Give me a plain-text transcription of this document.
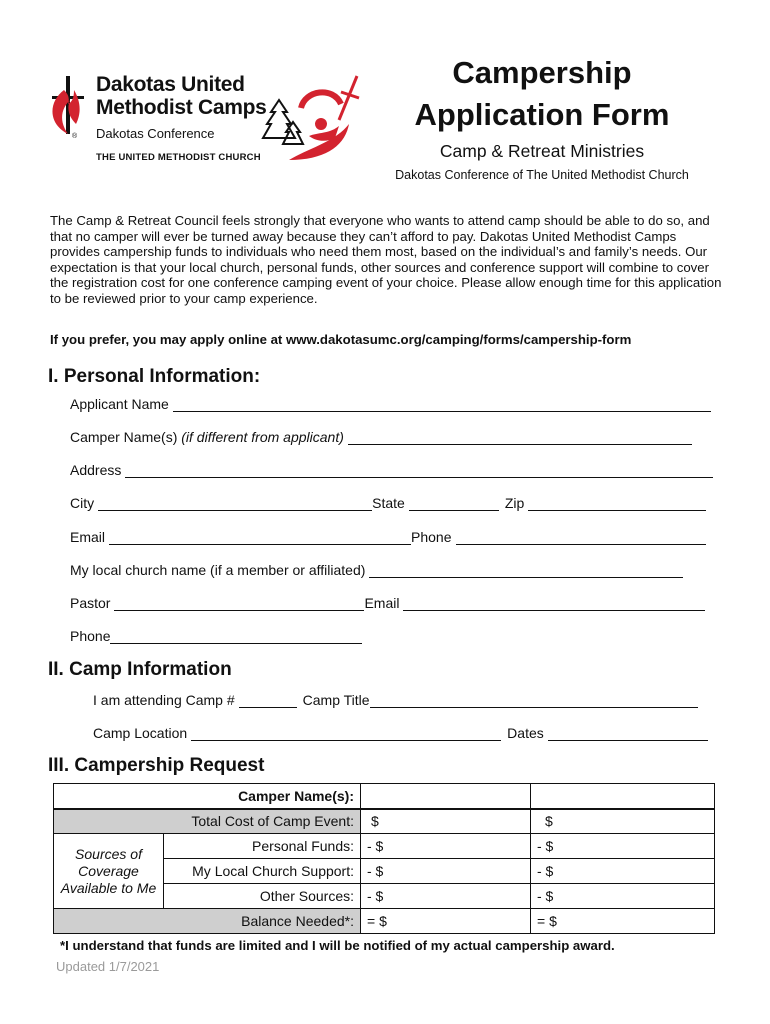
®
Dakotas United
Methodist Camps
Dakotas Conference
THE UNITED METHODIST CHURCH
Campership
Application Form
Camp & Retreat Ministries
Dakotas Conference of The United Methodist Church
The Camp & Retreat Council feels strongly that everyone who wants to attend camp should be able to do so, and that no camper will ever be turned away because they can’t afford to pay. Dakotas United Methodist Camps provides campership funds to individuals who need them most, based on the individual’s and family’s needs. Our expectation is that your local church, personal funds, other sources and conference support will combine to cover the registration cost for one conference camping event of your choice. Please allow enough time for this application to be reviewed prior to your camp experience.
If you prefer, you may apply online at www.dakotasumc.org/camping/forms/campership-form
I. Personal Information:
Applicant Name
Camper Name(s) (if different from applicant)
Address
City	State	Zip
Email	Phone
My local church name (if a member or affiliated)
Pastor	Email
Phone
II. Camp Information
I am attending Camp #	Camp Title
Camp Location	Dates
III. Campership Request
Camper Name(s):			
Total Cost of Camp Event:		$	$
Sources of Coverage Available to Me	Personal Funds:	- $	- $
	My Local Church Support:	- $	- $
	Other Sources:	- $	- $
Balance Needed*:		= $	= $
*I understand that funds are limited and I will be notified of my actual campership award.
Updated 1/7/2021
